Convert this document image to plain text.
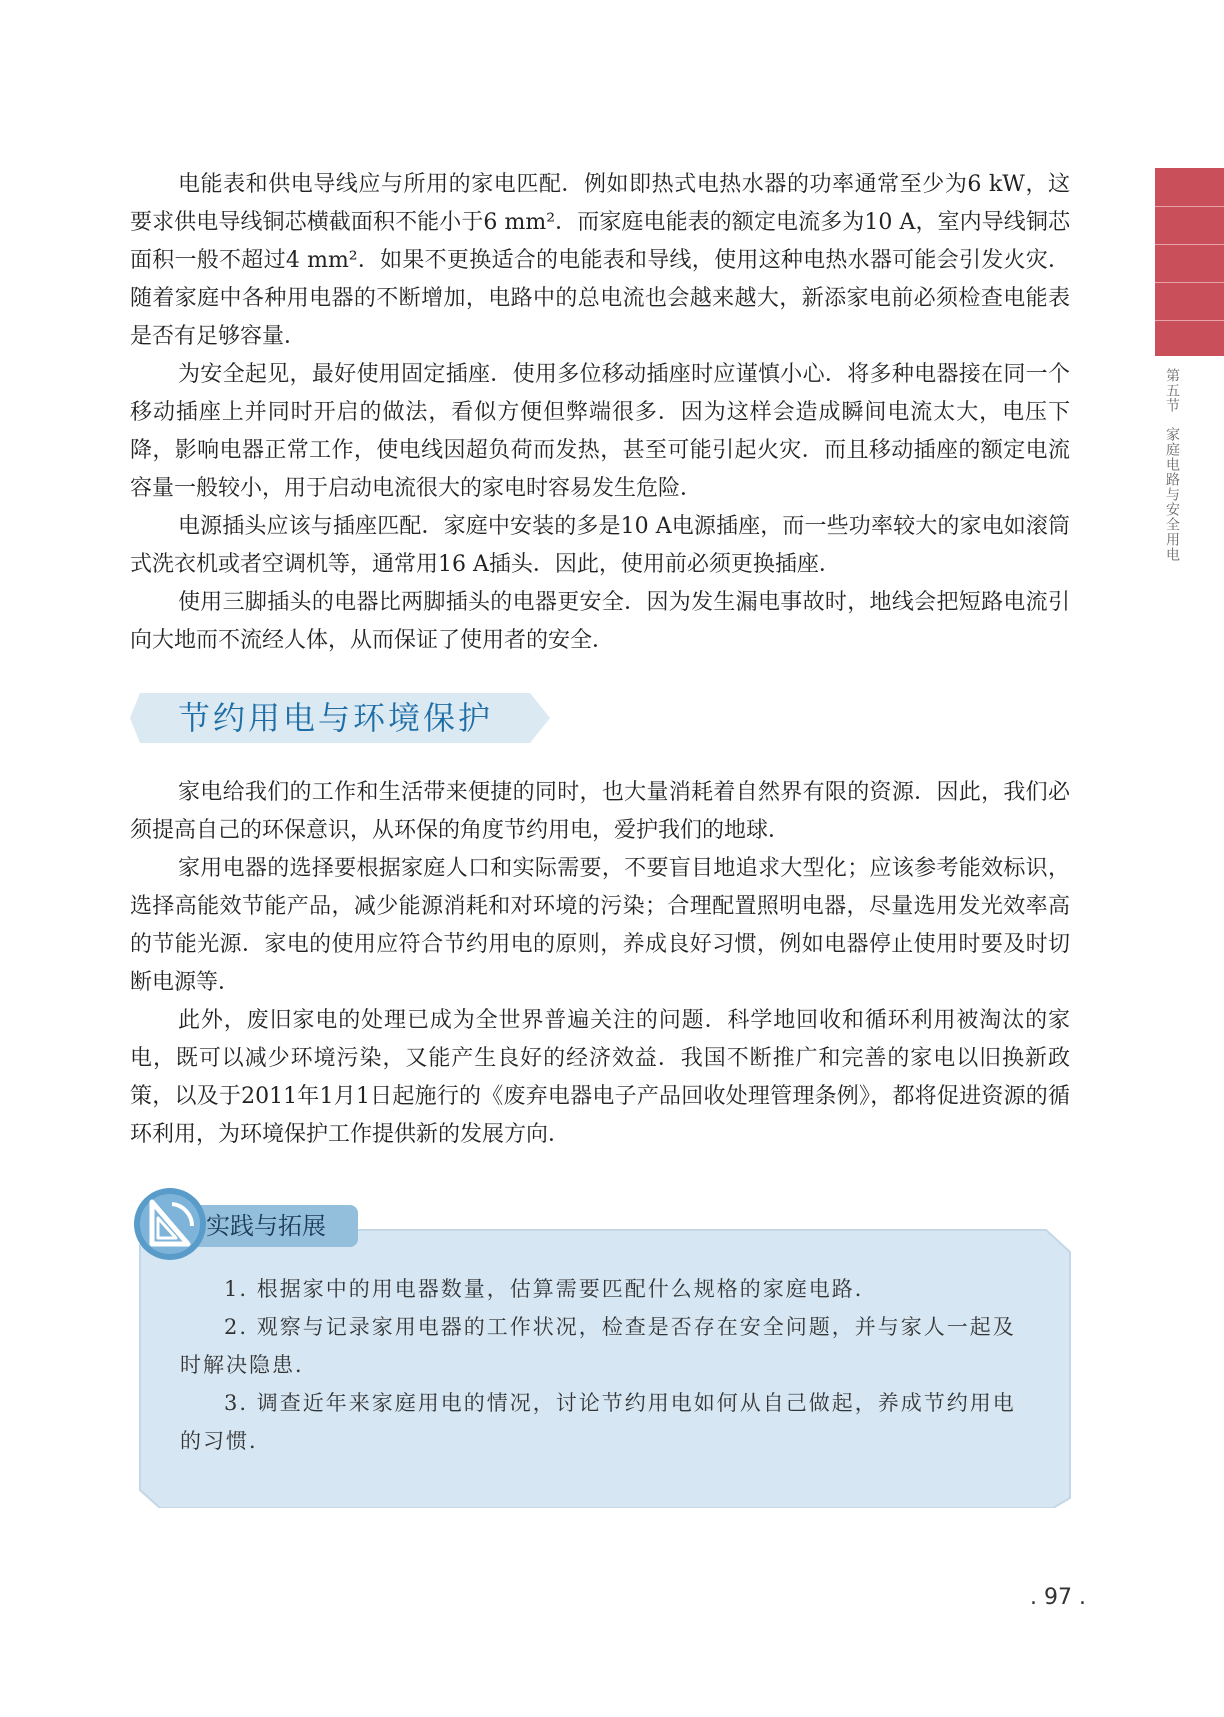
第五节家庭电路与安全用电

电能表和供电导线应与所用的家电匹配．例如即热式电热水器的功率通常至少为6 kW，这要求供电导线铜芯横截面积不能小于6 mm²．而家庭电能表的额定电流多为10 A，室内导线铜芯面积一般不超过4 mm²．如果不更换适合的电能表和导线，使用这种电热水器可能会引发火灾．随着家庭中各种用电器的不断增加，电路中的总电流也会越来越大，新添家电前必须检查电能表是否有足够容量．

为安全起见，最好使用固定插座．使用多位移动插座时应谨慎小心．将多种电器接在同一个移动插座上并同时开启的做法，看似方便但弊端很多．因为这样会造成瞬间电流太大，电压下降，影响电器正常工作，使电线因超负荷而发热，甚至可能引起火灾．而且移动插座的额定电流容量一般较小，用于启动电流很大的家电时容易发生危险．

电源插头应该与插座匹配．家庭中安装的多是10 A电源插座，而一些功率较大的家电如滚筒式洗衣机或者空调机等，通常用16 A插头．因此，使用前必须更换插座．

使用三脚插头的电器比两脚插头的电器更安全．因为发生漏电事故时，地线会把短路电流引向大地而不流经人体，从而保证了使用者的安全．

节约用电与环境保护

家电给我们的工作和生活带来便捷的同时，也大量消耗着自然界有限的资源．因此，我们必须提高自己的环保意识，从环保的角度节约用电，爱护我们的地球．

家用电器的选择要根据家庭人口和实际需要，不要盲目地追求大型化；应该参考能效标识，选择高能效节能产品，减少能源消耗和对环境的污染；合理配置照明电器，尽量选用发光效率高的节能光源．家电的使用应符合节约用电的原则，养成良好习惯，例如电器停止使用时要及时切断电源等．

此外，废旧家电的处理已成为全世界普遍关注的问题．科学地回收和循环利用被淘汰的家电，既可以减少环境污染，又能产生良好的经济效益．我国不断推广和完善的家电以旧换新政策，以及于2011年1月1日起施行的《废弃电器电子产品回收处理管理条例》，都将促进资源的循环利用，为环境保护工作提供新的发展方向．

实践与拓展

1. 根据家中的用电器数量，估算需要匹配什么规格的家庭电路．

2. 观察与记录家用电器的工作状况，检查是否存在安全问题，并与家人一起及时解决隐患．

3. 调查近年来家庭用电的情况，讨论节约用电如何从自己做起，养成节约用电的习惯．

. 97 .
